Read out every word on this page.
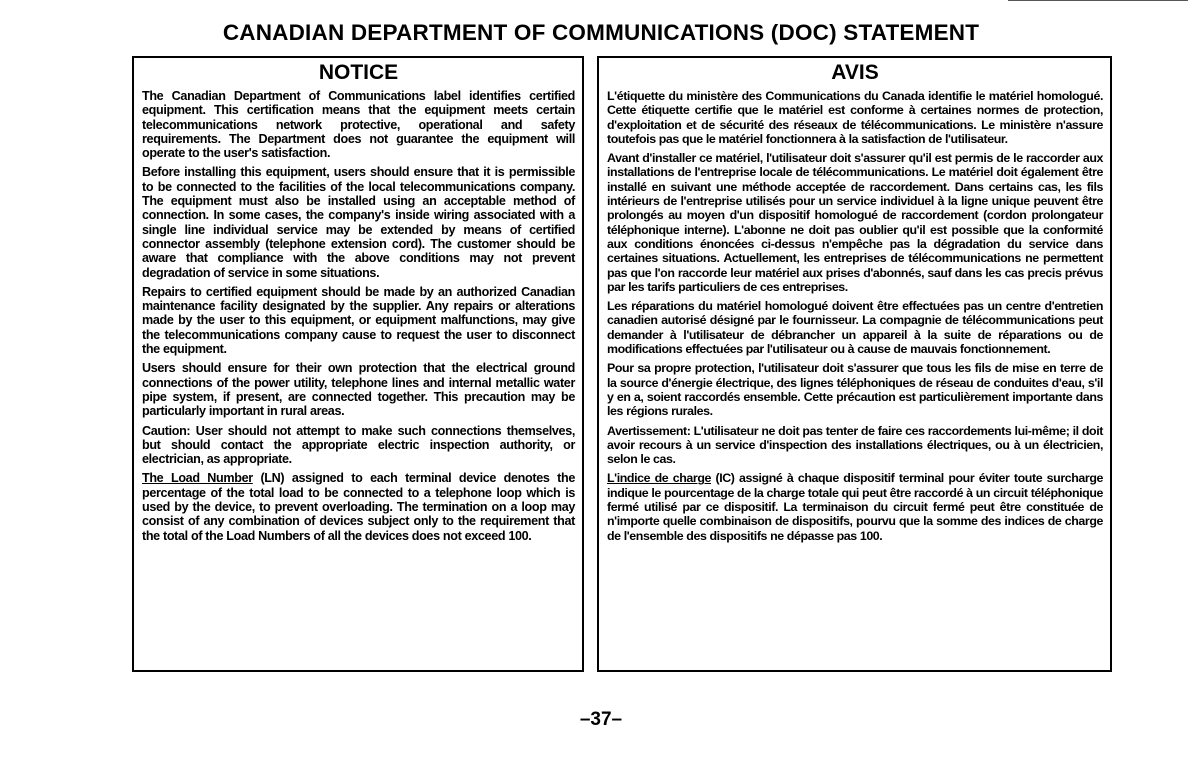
CANADIAN DEPARTMENT OF COMMUNICATIONS (DOC) STATEMENT
NOTICE

The Canadian Department of Communications label identifies certified equipment. This certification means that the equipment meets certain telecommunications network protective, operational and safety requirements. The Department does not guarantee the equipment will operate to the user's satisfaction.

Before installing this equipment, users should ensure that it is permissible to be connected to the facilities of the local telecommunications company. The equipment must also be installed using an acceptable method of connection. In some cases, the company's inside wiring associated with a single line individual service may be extended by means of certified connector assembly (telephone extension cord). The customer should be aware that compliance with the above conditions may not prevent degradation of service in some situations.

Repairs to certified equipment should be made by an authorized Canadian maintenance facility designated by the supplier. Any repairs or alterations made by the user to this equipment, or equipment malfunctions, may give the telecommunications company cause to request the user to disconnect the equipment.

Users should ensure for their own protection that the electrical ground connections of the power utility, telephone lines and internal metallic water pipe system, if present, are connected together. This precaution may be particularly important in rural areas.

Caution: User should not attempt to make such connections themselves, but should contact the appropriate electric inspection authority, or electrician, as appropriate.

The Load Number (LN) assigned to each terminal device denotes the percentage of the total load to be connected to a telephone loop which is used by the device, to prevent overloading. The termination on a loop may consist of any combination of devices subject only to the requirement that the total of the Load Numbers of all the devices does not exceed 100.

AVIS

L'étiquette du ministère des Communications du Canada identifie le matériel homologué. Cette étiquette certifie que le matériel est conforme à certaines normes de protection, d'exploitation et de sécurité des réseaux de télécommunications. Le ministère n'assure toutefois pas que le matériel fonctionnera à la satisfaction de l'utilisateur.

Avant d'installer ce matériel, l'utilisateur doit s'assurer qu'il est permis de le raccorder aux installations de l'entreprise locale de télécommunications. Le matériel doit également être installé en suivant une méthode acceptée de raccordement. Dans certains cas, les fils intérieurs de l'entreprise utilisés pour un service individuel à la ligne unique peuvent être prolongés au moyen d'un dispositif homologué de raccordement (cordon prolongateur téléphonique interne). L'abonne ne doit pas oublier qu'il est possible que la conformité aux conditions énoncées ci-dessus n'empêche pas la dégradation du service dans certaines situations. Actuellement, les entreprises de télécommunications ne permettent pas que l'on raccorde leur matériel aux prises d'abonnés, sauf dans les cas precis prévus par les tarifs particuliers de ces entreprises.

Les réparations du matériel homologué doivent être effectuées pas un centre d'entretien canadien autorisé désigné par le fournisseur. La compagnie de télécommunications peut demander à l'utilisateur de débrancher un appareil à la suite de réparations ou de modifications effectuées par l'utilisateur ou à cause de mauvais fonctionnement.

Pour sa propre protection, l'utilisateur doit s'assurer que tous les fils de mise en terre de la source d'énergie électrique, des lignes téléphoniques de réseau de conduites d'eau, s'il y en a, soient raccordés ensemble. Cette précaution est particulièrement importante dans les régions rurales.

Avertissement: L'utilisateur ne doit pas tenter de faire ces raccordements lui-même; il doit avoir recours à un service d'inspection des installations électriques, ou à un électricien, selon le cas.

L'indice de charge (IC) assigné à chaque dispositif terminal pour éviter toute surcharge indique le pourcentage de la charge totale qui peut être raccordé à un circuit téléphonique fermé utilisé par ce dispositif. La terminaison du circuit fermé peut être constituée de n'importe quelle combinaison de dispositifs, pourvu que la somme des indices de charge de l'ensemble des dispositifs ne dépasse pas 100.

–37–
